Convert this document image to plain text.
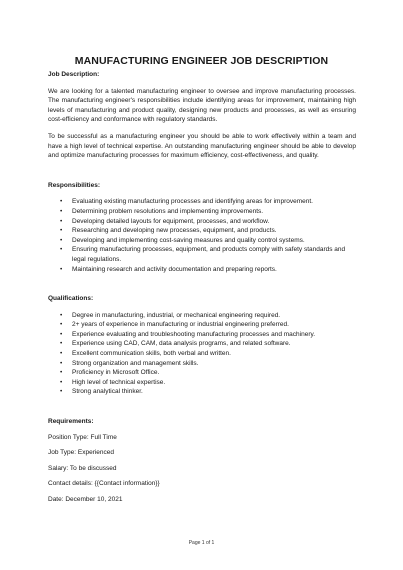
MANUFACTURING ENGINEER JOB DESCRIPTION

Job Description:

We are looking for a talented manufacturing engineer to oversee and improve manufacturing processes. The manufacturing engineer's responsibilities include identifying areas for improvement, maintaining high levels of manufacturing and product quality, designing new products and processes, as well as ensuring cost-efficiency and conformance with regulatory standards.

To be successful as a manufacturing engineer you should be able to work effectively within a team and have a high level of technical expertise. An outstanding manufacturing engineer should be able to develop and optimize manufacturing processes for maximum efficiency, cost-effectiveness, and quality.

Responsibilities:

• Evaluating existing manufacturing processes and identifying areas for improvement.
• Determining problem resolutions and implementing improvements.
• Developing detailed layouts for equipment, processes, and workflow.
• Researching and developing new processes, equipment, and products.
• Developing and implementing cost-saving measures and quality control systems.
• Ensuring manufacturing processes, equipment, and products comply with safety standards and legal regulations.
• Maintaining research and activity documentation and preparing reports.

Qualifications:

• Degree in manufacturing, industrial, or mechanical engineering required.
• 2+ years of experience in manufacturing or industrial engineering preferred.
• Experience evaluating and troubleshooting manufacturing processes and machinery.
• Experience using CAD, CAM, data analysis programs, and related software.
• Excellent communication skills, both verbal and written.
• Strong organization and management skills.
• Proficiency in Microsoft Office.
• High level of technical expertise.
• Strong analytical thinker.

Requirements:

Position Type: Full Time

Job Type: Experienced

Salary: To be discussed

Contact details: {{Contact information}}

Date: December 10, 2021

Page 1 of 1
